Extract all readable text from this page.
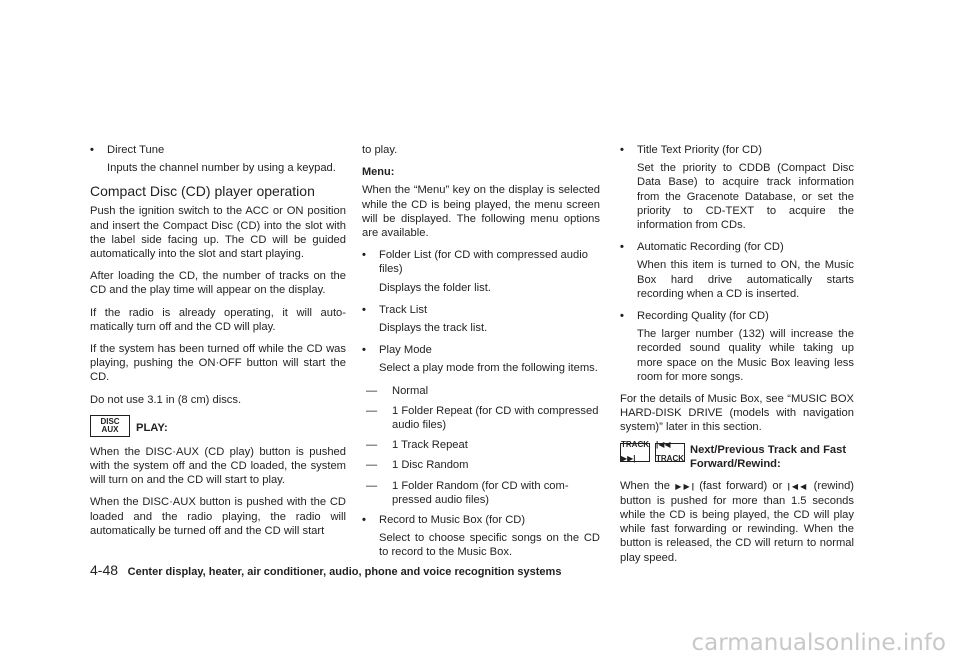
• Direct Tune

Inputs the channel number by using a keypad.

Compact Disc (CD) player operation

Push the ignition switch to the ACC or ON position and insert the Compact Disc (CD) into the slot with the label side facing up. The CD will be guided automatically into the slot and start playing.

After loading the CD, the number of tracks on the CD and the play time will appear on the display.

If the radio is already operating, it will auto-matically turn off and the CD will play.

If the system has been turned off while the CD was playing, pushing the ON·OFF button will start the CD.

Do not use 3.1 in (8 cm) discs.

DISC
AUX	PLAY:

When the DISC·AUX (CD play) button is pushed with the system off and the CD loaded, the system will turn on and the CD will start to play.

When the DISC·AUX button is pushed with the CD loaded and the radio playing, the radio will automatically be turned off and the CD will start

to play.

Menu:

When the “Menu” key on the display is selected while the CD is being played, the menu screen will be displayed. The following menu options are available.

• Folder List (for CD with compressed audio files)

Displays the folder list.

• Track List

Displays the track list.

• Play Mode

Select a play mode from the following items.

— Normal
— 1 Folder Repeat (for CD with compressed audio files)
— 1 Track Repeat
— 1 Disc Random
— 1 Folder Random (for CD with com-pressed audio files)
• Record to Music Box (for CD)

Select to choose specific songs on the CD to record to the Music Box.

• Title Text Priority (for CD)

Set the priority to CDDB (Compact Disc Data Base) to acquire track information from the Gracenote Database, or set the priority to CD-TEXT to acquire the information from CDs.

• Automatic Recording (for CD)

When this item is turned to ON, the Music Box hard drive automatically starts recording when a CD is inserted.

• Recording Quality (for CD)

The larger number (132) will increase the recorded sound quality while taking up more space on the Music Box leaving less room for more songs.

For the details of Music Box, see “MUSIC BOX HARD-DISK DRIVE (models with navigation system)” later in this section.

TRACK ▶▶|
|◀◀ TRACK
Next/Previous Track and Fast Forward/Rewind:

When the ▶▶| (fast forward) or |◀◀ (rewind) button is pushed for more than 1.5 seconds while the CD is being played, the CD will play while fast forwarding or rewinding. When the button is released, the CD will return to normal play speed.

4-48 Center display, heater, air conditioner, audio, phone and voice recognition systems
carmanualsonline.info
